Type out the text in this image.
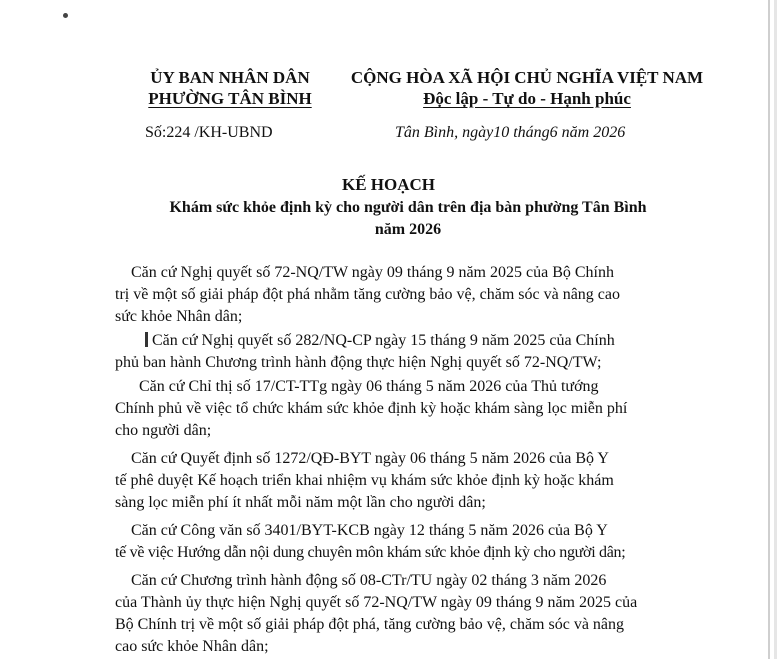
ỦY BAN NHÂN DÂN
PHƯỜNG TÂN BÌNH
CỘNG HÒA XÃ HỘI CHỦ NGHĨA VIỆT NAM
Độc lập - Tự do - Hạnh phúc
Số:224 /KH-UBND	Tân Bình, ngày10 tháng6 năm 2026
KẾ HOẠCH
Khám sức khỏe định kỳ cho người dân trên địa bàn phường Tân Bình
năm 2026
Căn cứ Nghị quyết số 72-NQ/TW ngày 09 tháng 9 năm 2025 của Bộ Chính
trị về một số giải pháp đột phá nhằm tăng cường bảo vệ, chăm sóc và nâng cao
sức khỏe Nhân dân;
Căn cứ Nghị quyết số 282/NQ-CP ngày 15 tháng 9 năm 2025 của Chính
phủ ban hành Chương trình hành động thực hiện Nghị quyết số 72-NQ/TW;
Căn cứ Chỉ thị số 17/CT-TTg ngày 06 tháng 5 năm 2026 của Thủ tướng
Chính phủ về việc tổ chức khám sức khỏe định kỳ hoặc khám sàng lọc miễn phí
cho người dân;
Căn cứ Quyết định số 1272/QĐ-BYT ngày 06 tháng 5 năm 2026 của Bộ Y
tế phê duyệt Kế hoạch triển khai nhiệm vụ khám sức khỏe định kỳ hoặc khám
sàng lọc miễn phí ít nhất mỗi năm một lần cho người dân;
Căn cứ Công văn số 3401/BYT-KCB ngày 12 tháng 5 năm 2026 của Bộ Y
tế về việc Hướng dẫn nội dung chuyên môn khám sức khỏe định kỳ cho người dân;
Căn cứ Chương trình hành động số 08-CTr/TU ngày 02 tháng 3 năm 2026
của Thành ủy thực hiện Nghị quyết số 72-NQ/TW ngày 09 tháng 9 năm 2025 của
Bộ Chính trị về một số giải pháp đột phá, tăng cường bảo vệ, chăm sóc và nâng
cao sức khỏe Nhân dân;
